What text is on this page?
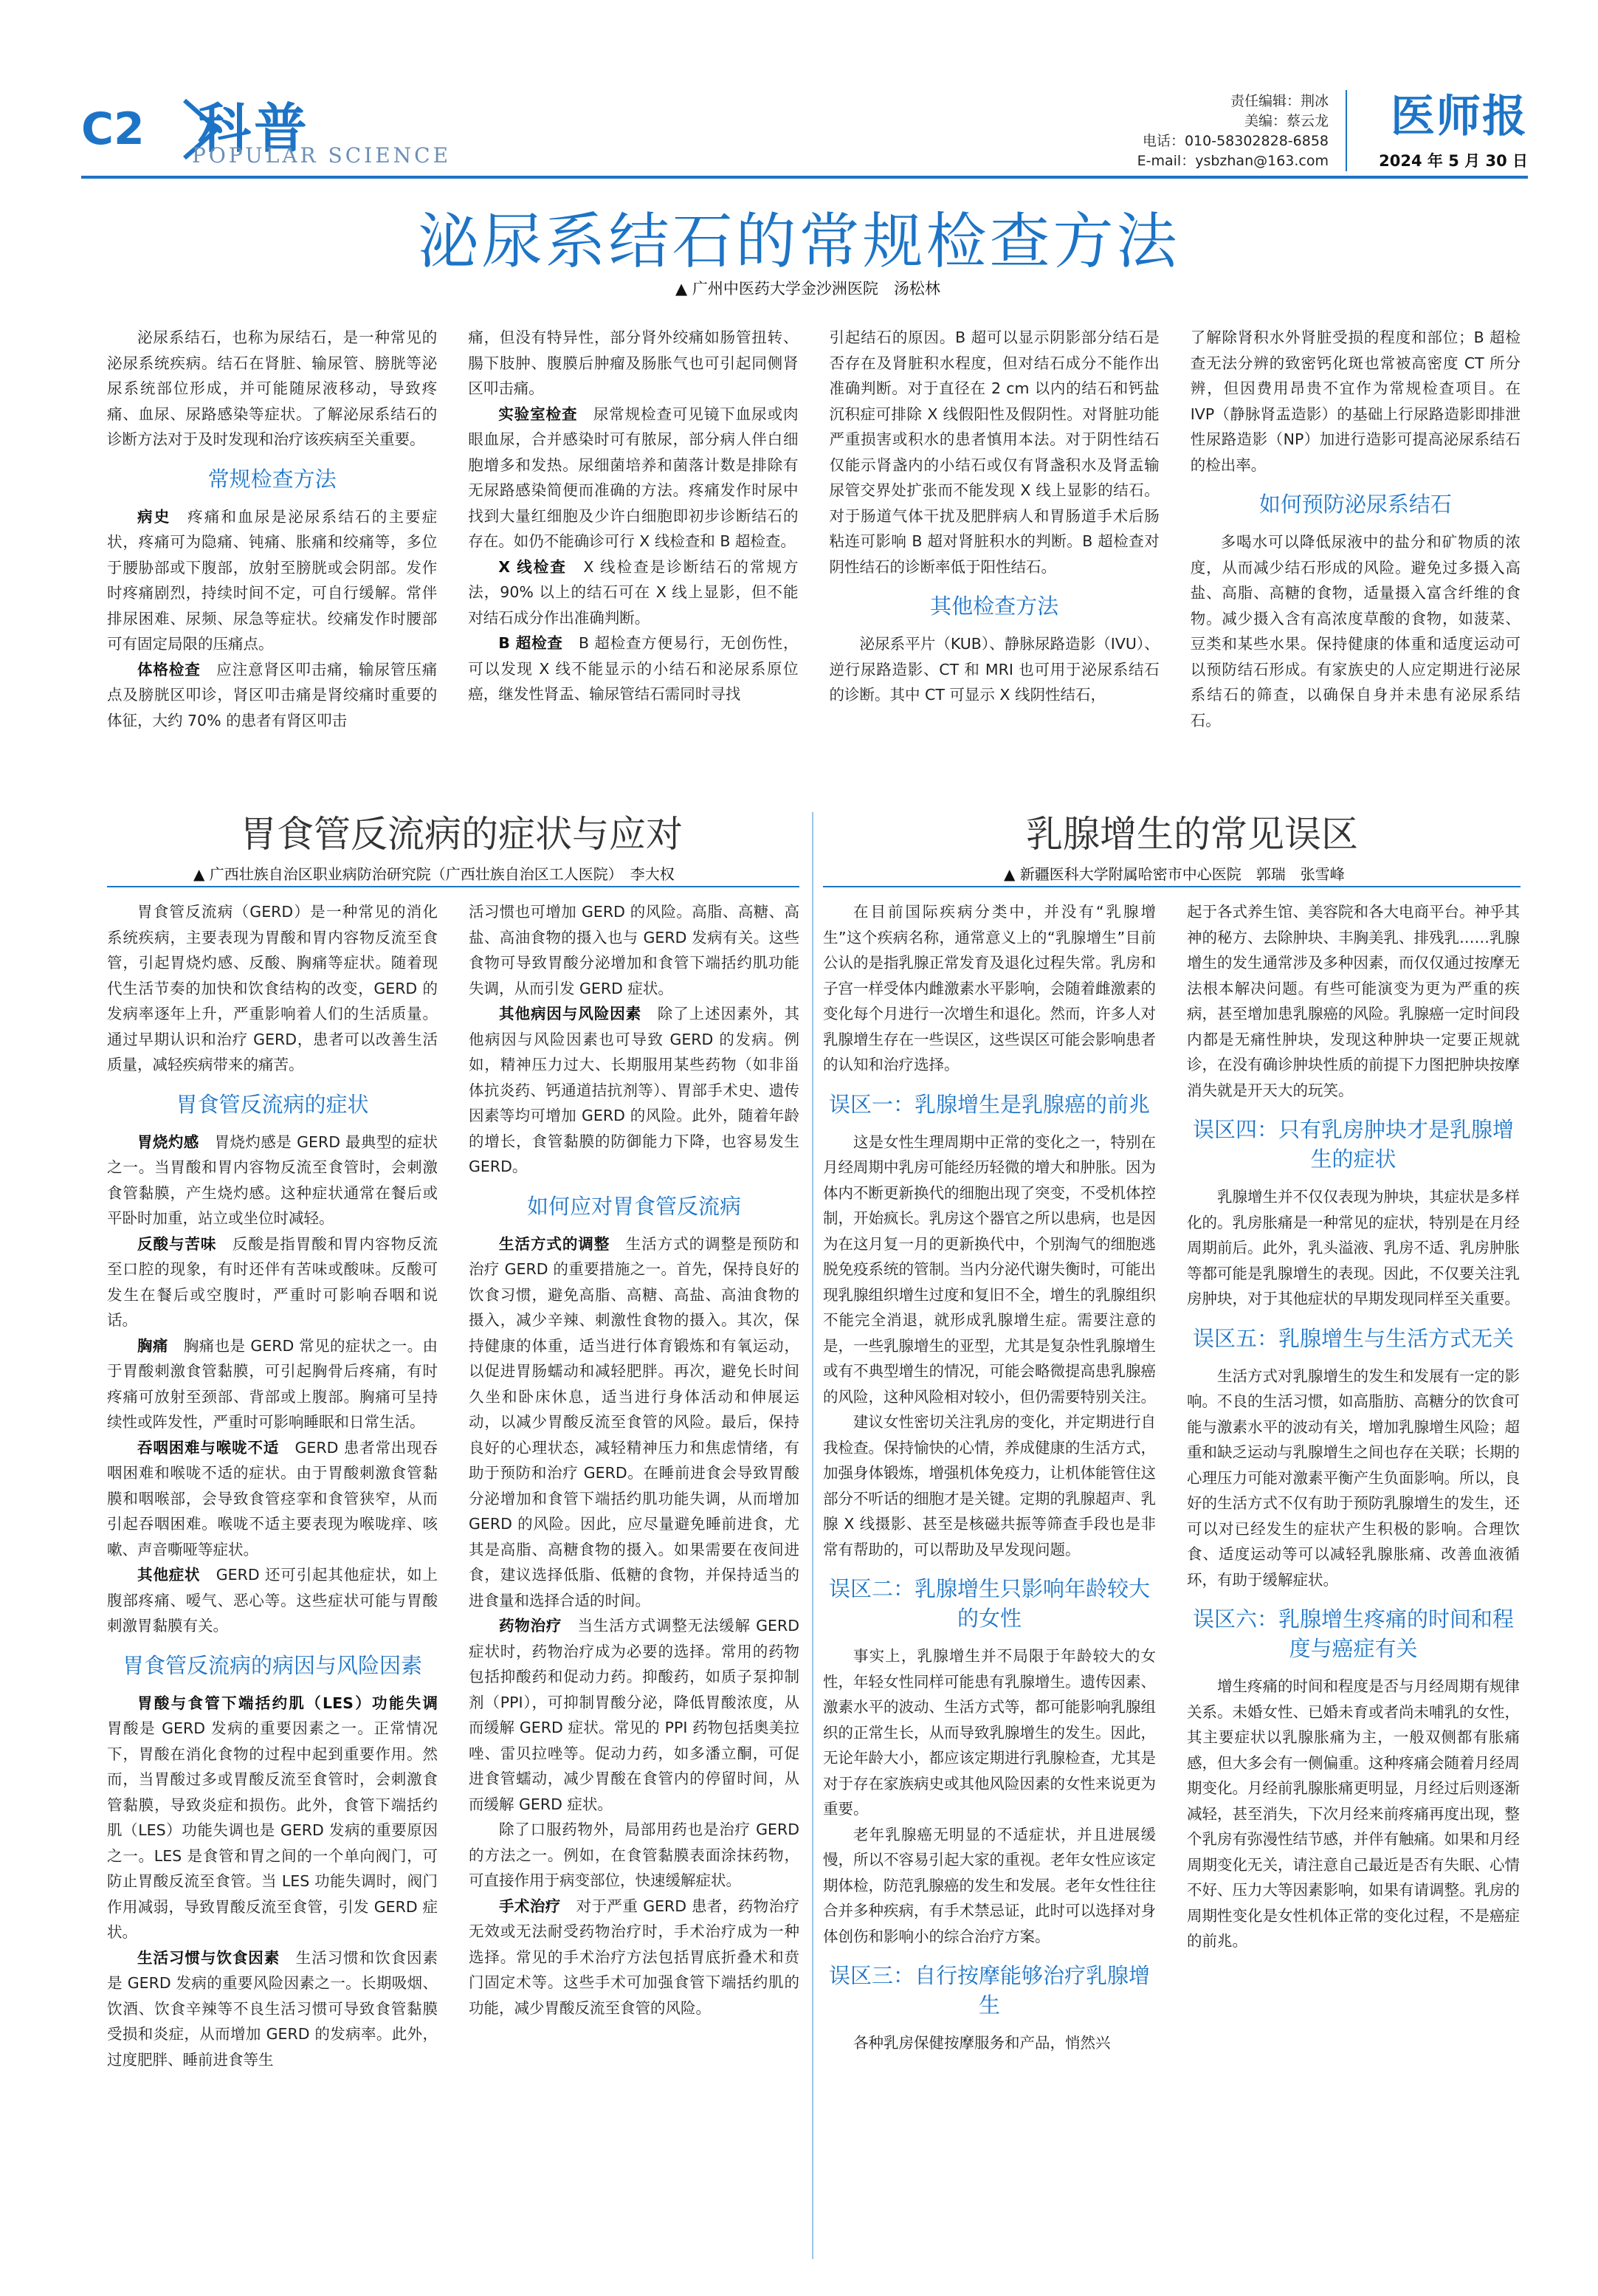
C2 科普
POPULAR SCIENCE
责任编辑：荆冰
美编：蔡云龙
电话：010-58302828-6858
E-mail：ysbzhan@163.com
医师报
2024 年 5 月 30 日
泌尿系结石的常规检查方法
▲ 广州中医药大学金沙洲医院　汤松林

泌尿系结石，也称为尿结石，是一种常见的泌尿系统疾病。结石在肾脏、输尿管、膀胱等泌尿系统部位形成，并可能随尿液移动，导致疼痛、血尿、尿路感染等症状。了解泌尿系结石的诊断方法对于及时发现和治疗该疾病至关重要。

常规检查方法

病史　 疼痛和血尿是泌尿系结石的主要症状，疼痛可为隐痛、钝痛、胀痛和绞痛等，多位于腰胁部或下腹部，放射至膀胱或会阴部。发作时疼痛剧烈，持续时间不定，可自行缓解。常伴排尿困难、尿频、尿急等症状。绞痛发作时腰部可有固定局限的压痛点。

体格检查　 应注意肾区叩击痛，输尿管压痛点及膀胱区叩诊，肾区叩击痛是肾绞痛时重要的体征，大约 70% 的患者有肾区叩击

痛，但没有特异性，部分肾外绞痛如肠管扭转、腸下肢肿、腹膜后肿瘤及肠胀气也可引起同侧肾区叩击痛。

实验室检查　 尿常规检查可见镜下血尿或肉眼血尿，合并感染时可有脓尿，部分病人伴白细胞增多和发热。尿细菌培养和菌落计数是排除有无尿路感染简便而准确的方法。疼痛发作时尿中找到大量红细胞及少许白细胞即初步诊断结石的存在。如仍不能确诊可行 X 线检查和 B 超检查。

X 线检查　 X 线检查是诊断结石的常规方法，90% 以上的结石可在 X 线上显影，但不能对结石成分作出准确判断。

B 超检查　 B 超检查方便易行，无创伤性，可以发现 X 线不能显示的小结石和泌尿系原位癌，继发性肾盂、输尿管结石需同时寻找

引起结石的原因。B 超可以显示阴影部分结石是否存在及肾脏积水程度，但对结石成分不能作出准确判断。对于直径在 2 cm 以内的结石和钙盐沉积症可排除 X 线假阳性及假阴性。对肾脏功能严重损害或积水的患者慎用本法。对于阴性结石仅能示肾盏内的小结石或仅有肾盏积水及肾盂输尿管交界处扩张而不能发现 X 线上显影的结石。对于肠道气体干扰及肥胖病人和胃肠道手术后肠粘连可影响 B 超对肾脏积水的判断。B 超检查对阴性结石的诊断率低于阳性结石。

其他检查方法

泌尿系平片（KUB）、静脉尿路造影（IVU）、逆行尿路造影、CT 和 MRI 也可用于泌尿系结石的诊断。其中 CT 可显示 X 线阴性结石，

了解除肾积水外肾脏受损的程度和部位；B 超检查无法分辨的致密钙化斑也常被高密度 CT 所分辨，但因费用昂贵不宜作为常规检查项目。在 IVP（静脉肾盂造影）的基础上行尿路造影即排泄性尿路造影（NP）加进行造影可提高泌尿系结石的检出率。

如何预防泌尿系结石

多喝水可以降低尿液中的盐分和矿物质的浓度，从而减少结石形成的风险。避免过多摄入高盐、高脂、高糖的食物，适量摄入富含纤维的食物。减少摄入含有高浓度草酸的食物，如菠菜、豆类和某些水果。保持健康的体重和适度运动可以预防结石形成。有家族史的人应定期进行泌尿系结石的筛查，以确保自身并未患有泌尿系结石。

胃食管反流病的症状与应对
▲ 广西壮族自治区职业病防治研究院（广西壮族自治区工人医院）　李大权

胃食管反流病（GERD）是一种常见的消化系统疾病，主要表现为胃酸和胃内容物反流至食管，引起胃烧灼感、反酸、胸痛等症状。随着现代生活节奏的加快和饮食结构的改变，GERD 的发病率逐年上升，严重影响着人们的生活质量。通过早期认识和治疗 GERD，患者可以改善生活质量，减轻疾病带来的痛苦。

胃食管反流病的症状

胃烧灼感　 胃烧灼感是 GERD 最典型的症状之一。当胃酸和胃内容物反流至食管时，会刺激食管黏膜，产生烧灼感。这种症状通常在餐后或平卧时加重，站立或坐位时减轻。

反酸与苦味　 反酸是指胃酸和胃内容物反流至口腔的现象，有时还伴有苦味或酸味。反酸可发生在餐后或空腹时，严重时可影响吞咽和说话。

胸痛　 胸痛也是 GERD 常见的症状之一。由于胃酸刺激食管黏膜，可引起胸骨后疼痛，有时疼痛可放射至颈部、背部或上腹部。胸痛可呈持续性或阵发性，严重时可影响睡眠和日常生活。

吞咽困难与喉咙不适　 GERD 患者常出现吞咽困难和喉咙不适的症状。由于胃酸刺激食管黏膜和咽喉部，会导致食管痉挛和食管狭窄，从而引起吞咽困难。喉咙不适主要表现为喉咙痒、咳嗽、声音嘶哑等症状。

其他症状　 GERD 还可引起其他症状，如上腹部疼痛、嗳气、恶心等。这些症状可能与胃酸刺激胃黏膜有关。

胃食管反流病的病因与风险因素

胃酸与食管下端括约肌（LES）功能失调　胃酸是 GERD 发病的重要因素之一。正常情况下，胃酸在消化食物的过程中起到重要作用。然而，当胃酸过多或胃酸反流至食管时，会刺激食管黏膜，导致炎症和损伤。此外，食管下端括约肌（LES）功能失调也是 GERD 发病的重要原因之一。LES 是食管和胃之间的一个单向阀门，可防止胃酸反流至食管。当 LES 功能失调时，阀门作用减弱，导致胃酸反流至食管，引发 GERD 症状。

生活习惯与饮食因素　 生活习惯和饮食因素是 GERD 发病的重要风险因素之一。长期吸烟、饮酒、饮食辛辣等不良生活习惯可导致食管黏膜受损和炎症，从而增加 GERD 的发病率。此外，过度肥胖、睡前进食等生

活习惯也可增加 GERD 的风险。高脂、高糖、高盐、高油食物的摄入也与 GERD 发病有关。这些食物可导致胃酸分泌增加和食管下端括约肌功能失调，从而引发 GERD 症状。

其他病因与风险因素　 除了上述因素外，其他病因与风险因素也可导致 GERD 的发病。例如，精神压力过大、长期服用某些药物（如非甾体抗炎药、钙通道拮抗剂等）、胃部手术史、遗传因素等均可增加 GERD 的风险。此外，随着年龄的增长，食管黏膜的防御能力下降，也容易发生 GERD。

如何应对胃食管反流病

生活方式的调整　 生活方式的调整是预防和治疗 GERD 的重要措施之一。首先，保持良好的饮食习惯，避免高脂、高糖、高盐、高油食物的摄入，减少辛辣、刺激性食物的摄入。其次，保持健康的体重，适当进行体育锻炼和有氧运动，以促进胃肠蠕动和减轻肥胖。再次，避免长时间久坐和卧床休息，适当进行身体活动和伸展运动，以减少胃酸反流至食管的风险。最后，保持良好的心理状态，减轻精神压力和焦虑情绪，有助于预防和治疗 GERD。在睡前进食会导致胃酸分泌增加和食管下端括约肌功能失调，从而增加 GERD 的风险。因此，应尽量避免睡前进食，尤其是高脂、高糖食物的摄入。如果需要在夜间进食，建议选择低脂、低糖的食物，并保持适当的进食量和选择合适的时间。

药物治疗　 当生活方式调整无法缓解 GERD 症状时，药物治疗成为必要的选择。常用的药物包括抑酸药和促动力药。抑酸药，如质子泵抑制剂（PPI），可抑制胃酸分泌，降低胃酸浓度，从而缓解 GERD 症状。常见的 PPI 药物包括奥美拉唑、雷贝拉唑等。促动力药，如多潘立酮，可促进食管蠕动，减少胃酸在食管内的停留时间，从而缓解 GERD 症状。

除了口服药物外，局部用药也是治疗 GERD 的方法之一。例如，在食管黏膜表面涂抹药物，可直接作用于病变部位，快速缓解症状。

手术治疗　 对于严重 GERD 患者，药物治疗无效或无法耐受药物治疗时，手术治疗成为一种选择。常见的手术治疗方法包括胃底折叠术和贲门固定术等。这些手术可加强食管下端括约肌的功能，减少胃酸反流至食管的风险。

乳腺增生的常见误区
▲ 新疆医科大学附属哈密市中心医院　郭瑞　张雪峰

在目前国际疾病分类中，并没有“乳腺增生”这个疾病名称，通常意义上的“乳腺增生”目前公认的是指乳腺正常发育及退化过程失常。乳房和子宫一样受体内雌激素水平影响，会随着雌激素的变化每个月进行一次增生和退化。然而，许多人对乳腺增生存在一些误区，这些误区可能会影响患者的认知和治疗选择。

误区一：乳腺增生是乳腺癌的前兆

这是女性生理周期中正常的变化之一，特别在月经周期中乳房可能经历轻微的增大和肿胀。因为体内不断更新换代的细胞出现了突变，不受机体控制，开始疯长。乳房这个器官之所以患病，也是因为在这月复一月的更新换代中，个别淘气的细胞逃脱免疫系统的管制。当内分泌代谢失衡时，可能出现乳腺组织增生过度和复旧不全，增生的乳腺组织不能完全消退，就形成乳腺增生症。需要注意的是，一些乳腺增生的亚型，尤其是复杂性乳腺增生或有不典型增生的情况，可能会略微提高患乳腺癌的风险，这种风险相对较小，但仍需要特别关注。

建议女性密切关注乳房的变化，并定期进行自我检查。保持愉快的心情，养成健康的生活方式，加强身体锻炼，增强机体免疫力，让机体能管住这部分不听话的细胞才是关键。定期的乳腺超声、乳腺 X 线摄影、甚至是核磁共振等筛查手段也是非常有帮助的，可以帮助及早发现问题。

误区二：乳腺增生只影响年龄较大的女性

事实上，乳腺增生并不局限于年龄较大的女性，年轻女性同样可能患有乳腺增生。遗传因素、激素水平的波动、生活方式等，都可能影响乳腺组织的正常生长，从而导致乳腺增生的发生。因此，无论年龄大小，都应该定期进行乳腺检查，尤其是对于存在家族病史或其他风险因素的女性来说更为重要。

老年乳腺癌无明显的不适症状，并且进展缓慢，所以不容易引起大家的重视。老年女性应该定期体检，防范乳腺癌的发生和发展。老年女性往往合并多种疾病，有手术禁忌证，此时可以选择对身体创伤和影响小的综合治疗方案。

误区三：自行按摩能够治疗乳腺增生

各种乳房保健按摩服务和产品，悄然兴

起于各式养生馆、美容院和各大电商平台。神乎其神的秘方、去除肿块、丰胸美乳、排残乳……乳腺增生的发生通常涉及多种因素，而仅仅通过按摩无法根本解决问题。有些可能演变为更为严重的疾病，甚至增加患乳腺癌的风险。乳腺癌一定时间段内都是无痛性肿块，发现这种肿块一定要正规就诊，在没有确诊肿块性质的前提下力图把肿块按摩消失就是开天大的玩笑。

误区四：只有乳房肿块才是乳腺增生的症状

乳腺增生并不仅仅表现为肿块，其症状是多样化的。乳房胀痛是一种常见的症状，特别是在月经周期前后。此外，乳头溢液、乳房不适、乳房肿胀等都可能是乳腺增生的表现。因此，不仅要关注乳房肿块，对于其他症状的早期发现同样至关重要。

误区五：乳腺增生与生活方式无关

生活方式对乳腺增生的发生和发展有一定的影响。不良的生活习惯，如高脂肪、高糖分的饮食可能与激素水平的波动有关，增加乳腺增生风险；超重和缺乏运动与乳腺增生之间也存在关联；长期的心理压力可能对激素平衡产生负面影响。所以，良好的生活方式不仅有助于预防乳腺增生的发生，还可以对已经发生的症状产生积极的影响。合理饮食、适度运动等可以减轻乳腺胀痛、改善血液循环，有助于缓解症状。

误区六：乳腺增生疼痛的时间和程度与癌症有关

增生疼痛的时间和程度是否与月经周期有规律关系。未婚女性、已婚未育或者尚未哺乳的女性，其主要症状以乳腺胀痛为主，一般双侧都有胀痛感，但大多会有一侧偏重。这种疼痛会随着月经周期变化。月经前乳腺胀痛更明显，月经过后则逐渐减轻，甚至消失，下次月经来前疼痛再度出现，整个乳房有弥漫性结节感，并伴有触痛。如果和月经周期变化无关，请注意自己最近是否有失眠、心情不好、压力大等因素影响，如果有请调整。乳房的周期性变化是女性机体正常的变化过程，不是癌症的前兆。
